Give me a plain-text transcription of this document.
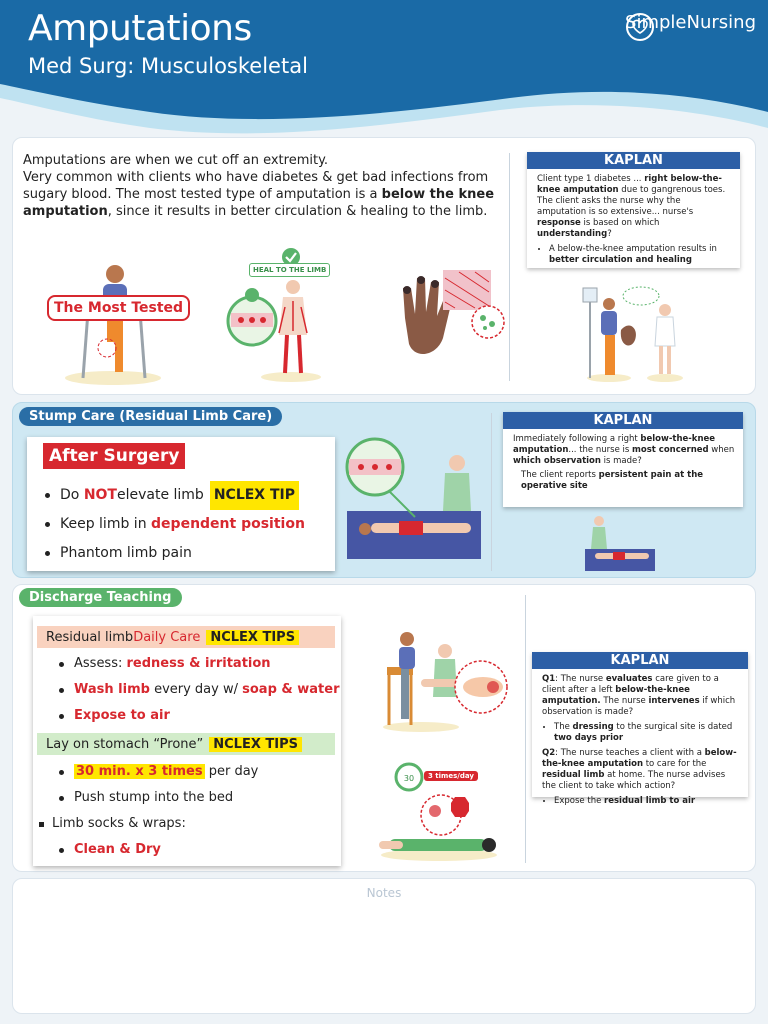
Amputations
Med Surg: Musculoskeletal
SimpleNursing
Amputations are when we cut off an extremity.
Very common with clients who have diabetes & get bad infections from sugary blood. The most tested type of amputation is a below the knee amputation, since it results in better circulation & healing to the limb.
The Most Tested
HEAL TO THE LIMB
KAPLAN
Client type 1 diabetes ... right below-the-knee amputation due to gangrenous toes. The client asks the nurse why the amputation is so extensive... nurse's response is based on which understanding?
• A below-the-knee amputation results in better circulation and healing
Stump Care (Residual Limb Care)
After Surgery
Do
NOT elevate limb NCLEX TIP
Keep limb in
dependent position
Phantom limb pain
KAPLAN
Immediately following a right below-the-knee amputation... the nurse is most concerned when which observation is made?
The client reports persistent pain at the operative site
Discharge Teaching
Residual limb Daily Care NCLEX TIPS
Assess: redness & irritation
Wash limb every day w/ soap & water
Expose to air
Lay on stomach “Prone” NCLEX TIPS
30 min. x 3 times per day
Push stump into the bed
Limb socks & wraps:
Clean & Dry
30	3 times/day
KAPLAN
Q1: The nurse evaluates care given to a client after a left below-the-knee amputation. The nurse intervenes if which observation is made?
• The dressing to the surgical site is dated two days prior
Q2: The nurse teaches a client with a below-the-knee amputation to care for the residual limb at home. The nurse advises the client to take which action?
• Expose the residual limb to air
Notes
